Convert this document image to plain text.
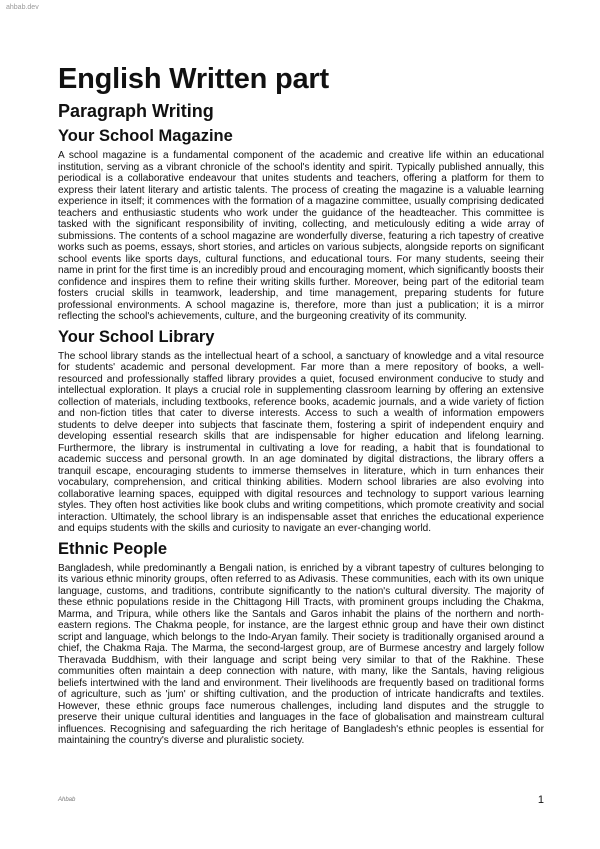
ahbab.dev
English Written part
Paragraph Writing
Your School Magazine

A school magazine is a fundamental component of the academic and creative life within an educational institution, serving as a vibrant chronicle of the school's identity and spirit. Typically published annually, this periodical is a collaborative endeavour that unites students and teachers, offering a platform for them to express their latent literary and artistic talents. The process of creating the magazine is a valuable learning experience in itself; it commences with the formation of a magazine committee, usually comprising dedicated teachers and enthusiastic students who work under the guidance of the headteacher. This committee is tasked with the significant responsibility of inviting, collecting, and meticulously editing a wide array of submissions. The contents of a school magazine are wonderfully diverse, featuring a rich tapestry of creative works such as poems, essays, short stories, and articles on various subjects, alongside reports on significant school events like sports days, cultural functions, and educational tours. For many students, seeing their name in print for the first time is an incredibly proud and encouraging moment, which significantly boosts their confidence and inspires them to refine their writing skills further. Moreover, being part of the editorial team fosters crucial skills in teamwork, leadership, and time management, preparing students for future professional environments. A school magazine is, therefore, more than just a publication; it is a mirror reflecting the school's achievements, culture, and the burgeoning creativity of its community.

Your School Library

The school library stands as the intellectual heart of a school, a sanctuary of knowledge and a vital resource for students' academic and personal development. Far more than a mere repository of books, a well-resourced and professionally staffed library provides a quiet, focused environment conducive to study and intellectual exploration. It plays a crucial role in supplementing classroom learning by offering an extensive collection of materials, including textbooks, reference books, academic journals, and a wide variety of fiction and non-fiction titles that cater to diverse interests. Access to such a wealth of information empowers students to delve deeper into subjects that fascinate them, fostering a spirit of independent enquiry and developing essential research skills that are indispensable for higher education and lifelong learning. Furthermore, the library is instrumental in cultivating a love for reading, a habit that is foundational to academic success and personal growth. In an age dominated by digital distractions, the library offers a tranquil escape, encouraging students to immerse themselves in literature, which in turn enhances their vocabulary, comprehension, and critical thinking abilities. Modern school libraries are also evolving into collaborative learning spaces, equipped with digital resources and technology to support various learning styles. They often host activities like book clubs and writing competitions, which promote creativity and social interaction. Ultimately, the school library is an indispensable asset that enriches the educational experience and equips students with the skills and curiosity to navigate an ever-changing world.

Ethnic People

Bangladesh, while predominantly a Bengali nation, is enriched by a vibrant tapestry of cultures belonging to its various ethnic minority groups, often referred to as Adivasis. These communities, each with its own unique language, customs, and traditions, contribute significantly to the nation's cultural diversity. The majority of these ethnic populations reside in the Chittagong Hill Tracts, with prominent groups including the Chakma, Marma, and Tripura, while others like the Santals and Garos inhabit the plains of the northern and north-eastern regions. The Chakma people, for instance, are the largest ethnic group and have their own distinct script and language, which belongs to the Indo-Aryan family. Their society is traditionally organised around a chief, the Chakma Raja. The Marma, the second-largest group, are of Burmese ancestry and largely follow Theravada Buddhism, with their language and script being very similar to that of the Rakhine. These communities often maintain a deep connection with nature, with many, like the Santals, having religious beliefs intertwined with the land and environment. Their livelihoods are frequently based on traditional forms of agriculture, such as 'jum' or shifting cultivation, and the production of intricate handicrafts and textiles. However, these ethnic groups face numerous challenges, including land disputes and the struggle to preserve their unique cultural identities and languages in the face of globalisation and mainstream cultural influences. Recognising and safeguarding the rich heritage of Bangladesh's ethnic peoples is essential for maintaining the country's diverse and pluralistic society.

Ahbab	1
